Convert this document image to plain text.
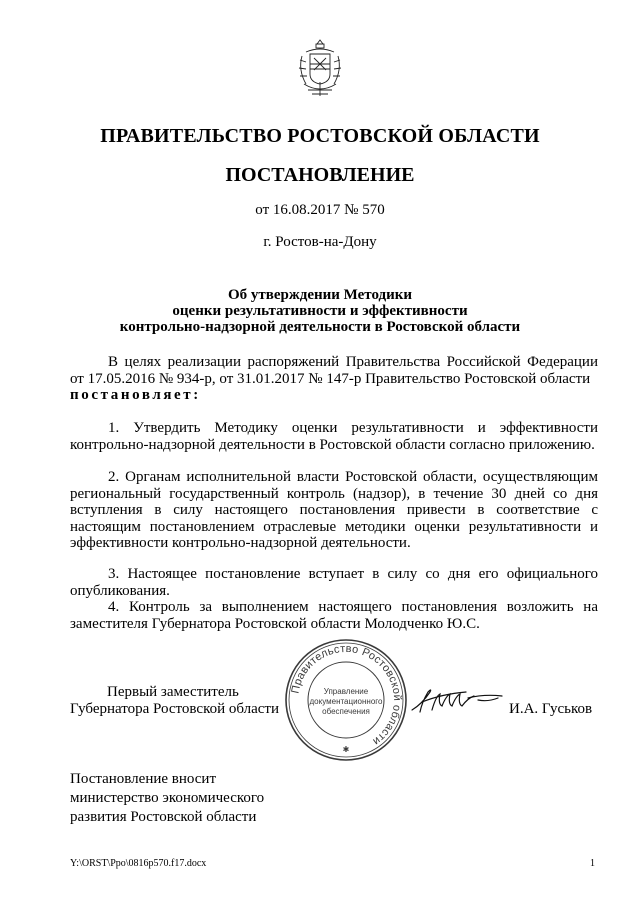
ПРАВИТЕЛЬСТВО РОСТОВСКОЙ ОБЛАСТИ
ПОСТАНОВЛЕНИЕ
от 16.08.2017 № 570
г. Ростов-на-Дону
Об утверждении Методики
оценки результативности и эффективности
контрольно-надзорной деятельности в Ростовской области

В целях реализации распоряжений Правительства Российской Федерации от 17.05.2016 № 934-р, от 31.01.2017 № 147-р Правительство Ростовской области

постановляет:

1. Утвердить Методику оценки результативности и эффективности контрольно-надзорной деятельности в Ростовской области согласно приложению.

2. Органам исполнительной власти Ростовской области, осуществляющим региональный государственный контроль (надзор), в течение 30 дней со дня вступления в силу настоящего постановления привести в соответствие с настоящим постановлением отраслевые методики оценки результативности и эффективности контрольно-надзорной деятельности.

3. Настоящее постановление вступает в силу со дня его официального опубликования.

4. Контроль за выполнением настоящего постановления возложить на заместителя Губернатора Ростовской области Молодченко Ю.С.

Первый заместитель
Губернатора Ростовской области	И.А. Гуськов
Правительство Ростовской области
Управление
документационного
обеспечения
✱
Постановление вносит
министерство экономического
развития Ростовской области
Y:\ORST\Ppo\0816p570.f17.docx	1
